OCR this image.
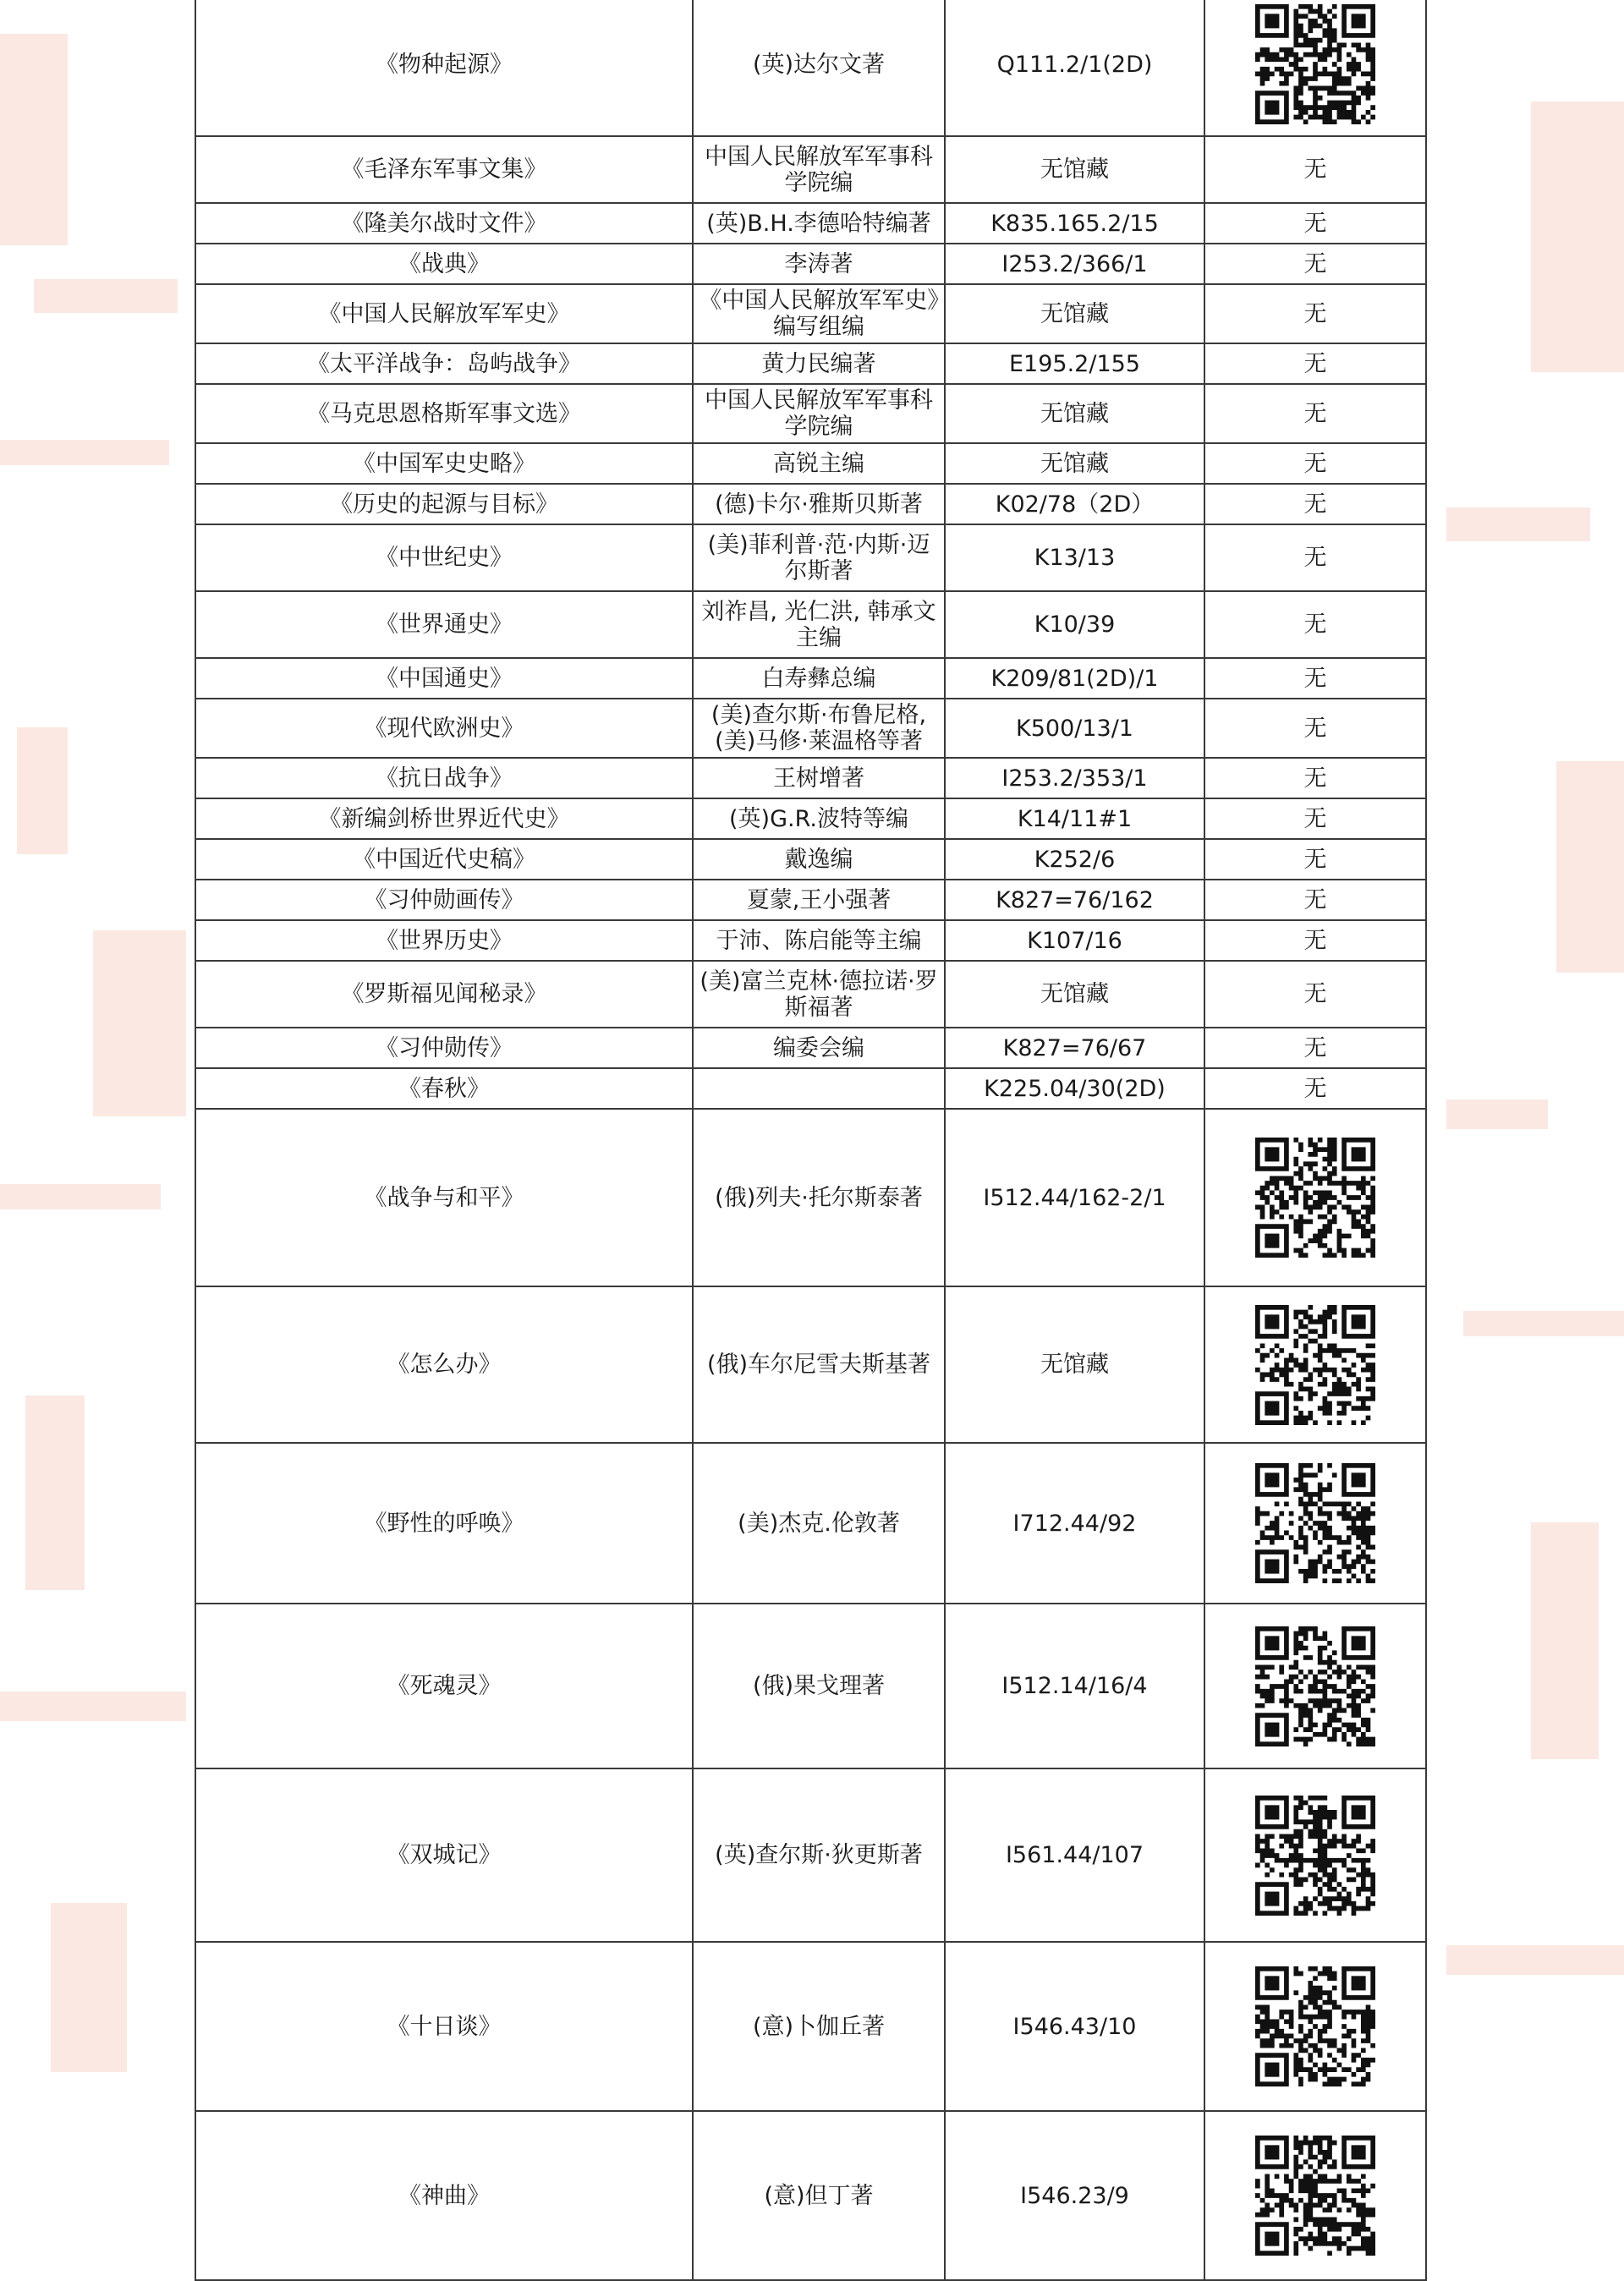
《物种起源》	(英)达尔文著	Q111.2/1(2D)	

《毛泽东军事文集》	中国人民解放军军事科学院编	无馆藏	无
《隆美尔战时文件》	(英)B.H.李德哈特编著	K835.165.2/15	无
《战典》	李涛著	I253.2/366/1	无
《中国人民解放军军史》	《中国人民解放军军史》编写组编	无馆藏	无
《太平洋战争：岛屿战争》	黄力民编著	E195.2/155	无
《马克思恩格斯军事文选》	中国人民解放军军事科学院编	无馆藏	无
《中国军史史略》	高锐主编	无馆藏	无
《历史的起源与目标》	(德)卡尔·雅斯贝斯著	K02/78（2D）	无
《中世纪史》	(美)菲利普·范·内斯·迈尔斯著	K13/13	无
《世界通史》	刘祚昌, 光仁洪, 韩承文主编	K10/39	无
《中国通史》	白寿彝总编	K209/81(2D)/1	无
《现代欧洲史》	(美)查尔斯·布鲁尼格,(美)马修·莱温格等著	K500/13/1	无
《抗日战争》	王树增著	I253.2/353/1	无
《新编剑桥世界近代史》	(英)G.R.波特等编	K14/11#1	无
《中国近代史稿》	戴逸编	K252/6	无
《习仲勋画传》	夏蒙,王小强著	K827=76/162	无
《世界历史》	于沛、陈启能等主编	K107/16	无
《罗斯福见闻秘录》	(美)富兰克林·德拉诺·罗斯福著	无馆藏	无
《习仲勋传》	编委会编	K827=76/67	无
《春秋》		K225.04/30(2D)	无
《战争与和平》	(俄)列夫·托尔斯泰著	I512.44/162-2/1	

《怎么办》	(俄)车尔尼雪夫斯基著	无馆藏	

《野性的呼唤》	(美)杰克.伦敦著	I712.44/92	

《死魂灵》	(俄)果戈理著	I512.14/16/4	

《双城记》	(英)查尔斯·狄更斯著	I561.44/107	

《十日谈》	(意)卜伽丘著	I546.43/10	

《神曲》	(意)但丁著	I546.23/9	
